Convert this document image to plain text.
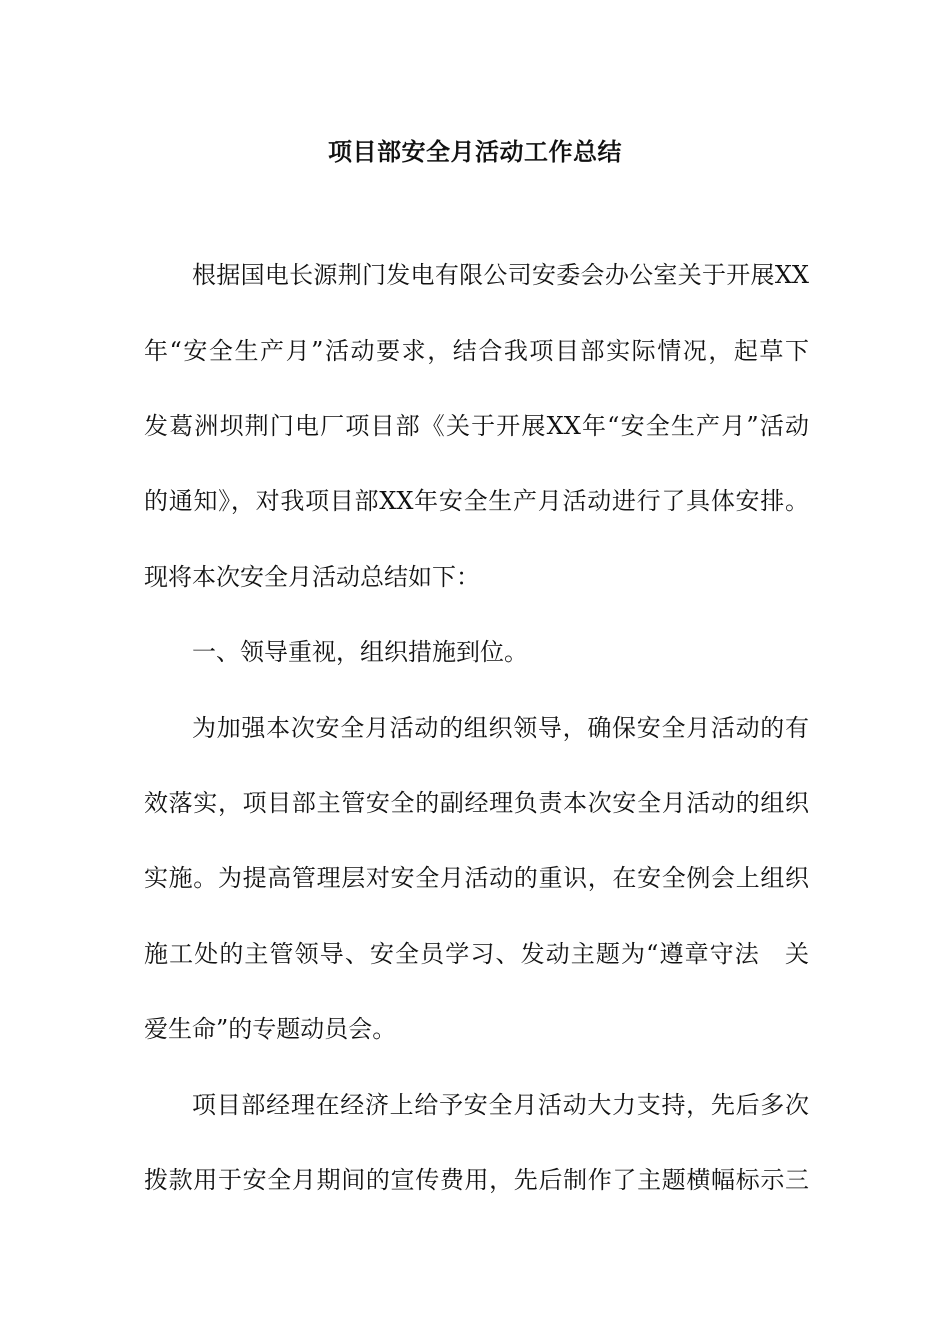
项目部安全月活动工作总结
根据国电长源荆门发电有限公司安委会办公室关于开展XX
年“安全生产月”活动要求，结合我项目部实际情况，起草下
发葛洲坝荆门电厂项目部《关于开展XX年“安全生产月”活动
的通知》，对我项目部XX年安全生产月活动进行了具体安排。
现将本次安全月活动总结如下：
一、领导重视，组织措施到位。
为加强本次安全月活动的组织领导，确保安全月活动的有
效落实，项目部主管安全的副经理负责本次安全月活动的组织
实施。为提高管理层对安全月活动的重识，在安全例会上组织
施工处的主管领导、安全员学习、发动主题为“遵章守法　关
爱生命”的专题动员会。
项目部经理在经济上给予安全月活动大力支持，先后多次
拨款用于安全月期间的宣传费用，先后制作了主题横幅标示三
